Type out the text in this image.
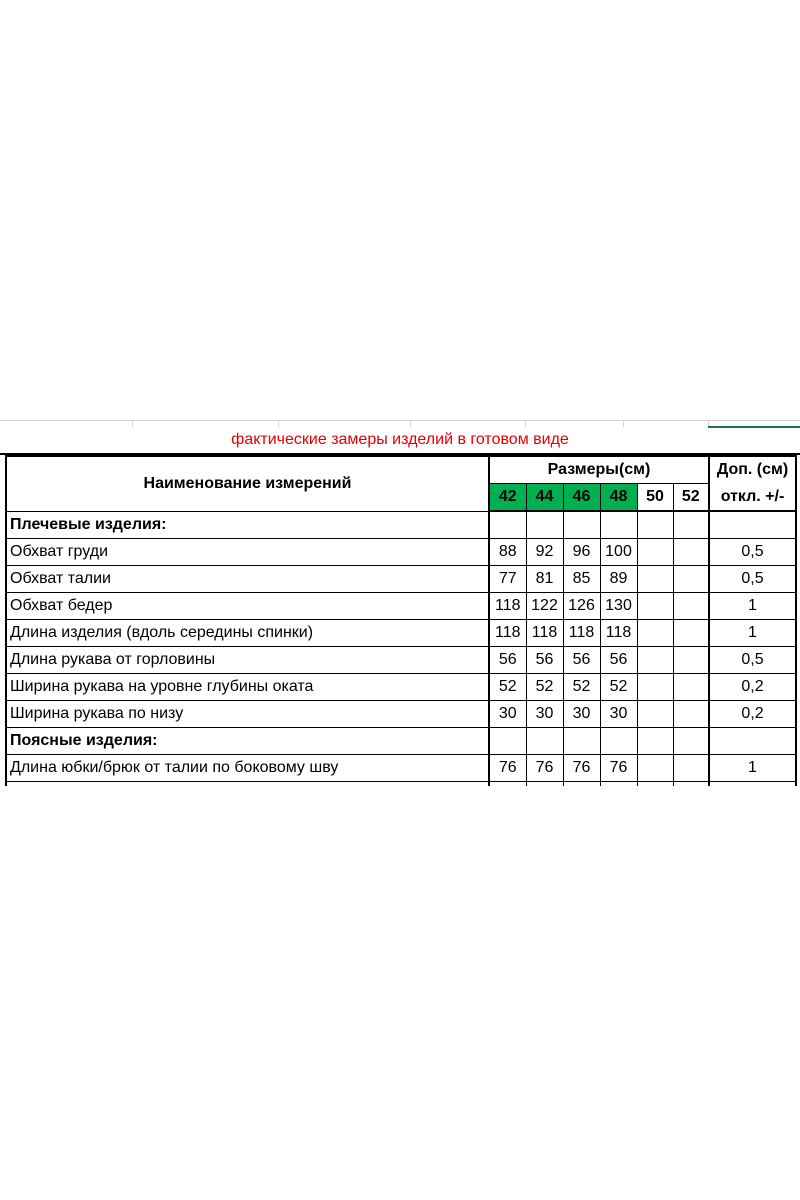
фактические замеры изделий в готовом виде
Наименование измерений	Размеры(см)						Доп. (см)
	42	44	46	48	50	52	откл. +/-
Плечевые изделия:							
Обхват груди	88	92	96	100			0,5
Обхват талии	77	81	85	89			0,5
Обхват бедер	118	122	126	130			1
Длина изделия (вдоль середины спинки)	118	118	118	118			1
Длина рукава от горловины	56	56	56	56			0,5
Ширина рукава на уровне глубины оката	52	52	52	52			0,2
Ширина рукава по низу	30	30	30	30			0,2
Поясные изделия:							
Длина юбки/брюк от талии по боковому шву	76	76	76	76			1
